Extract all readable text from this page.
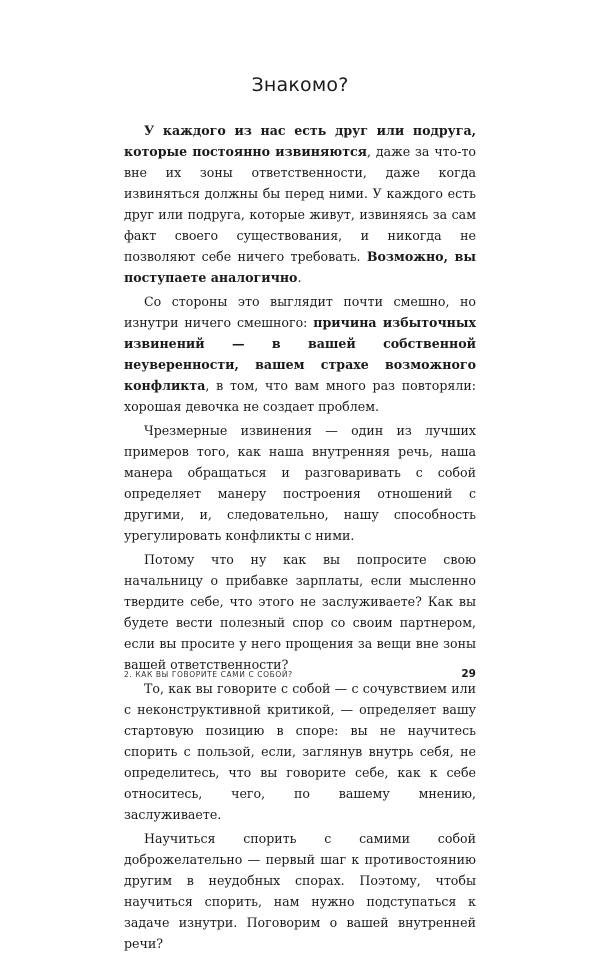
Знакомо?

У каждого из нас есть друг или подруга, которые постоянно извиняются, даже за что-то вне их зоны ответственности, даже когда извиняться должны бы перед ними. У каждого есть друг или подруга, которые живут, извиняясь за сам факт своего существования, и никогда не позволяют себе ничего требовать. Возможно, вы поступаете аналогично.

Со стороны это выглядит почти смешно, но изнутри ничего смешного: причина избыточных извинений — в вашей собственной неуверенности, вашем страхе возможного конфликта, в том, что вам много раз повторяли: хорошая девочка не создает проблем.

Чрезмерные извинения — один из лучших примеров того, как наша внутренняя речь, наша манера обращаться и разговаривать с собой определяет манеру построения отношений с другими, и, следовательно, нашу способность урегулировать конфликты с ними.

Потому что ну как вы попросите свою начальницу о прибавке зарплаты, если мысленно твердите себе, что этого не заслуживаете? Как вы будете вести полезный спор со своим партнером, если вы просите у него прощения за вещи вне зоны вашей ответственности?

То, как вы говорите с собой — с сочувствием или с неконструктивной критикой, — определяет вашу стартовую позицию в споре: вы не научитесь спорить с пользой, если, заглянув внутрь себя, не определитесь, что вы говорите себе, как к себе относитесь, чего, по вашему мнению, заслуживаете.

Научиться спорить с самими собой доброжелательно — первый шаг к противостоянию другим в неудобных спорах. Поэтому, чтобы научиться спорить, нам нужно подступаться к задаче изнутри. Поговорим о вашей внутренней речи?

2. КАК ВЫ ГОВОРИТЕ САМИ С СОБОЙ?	29
